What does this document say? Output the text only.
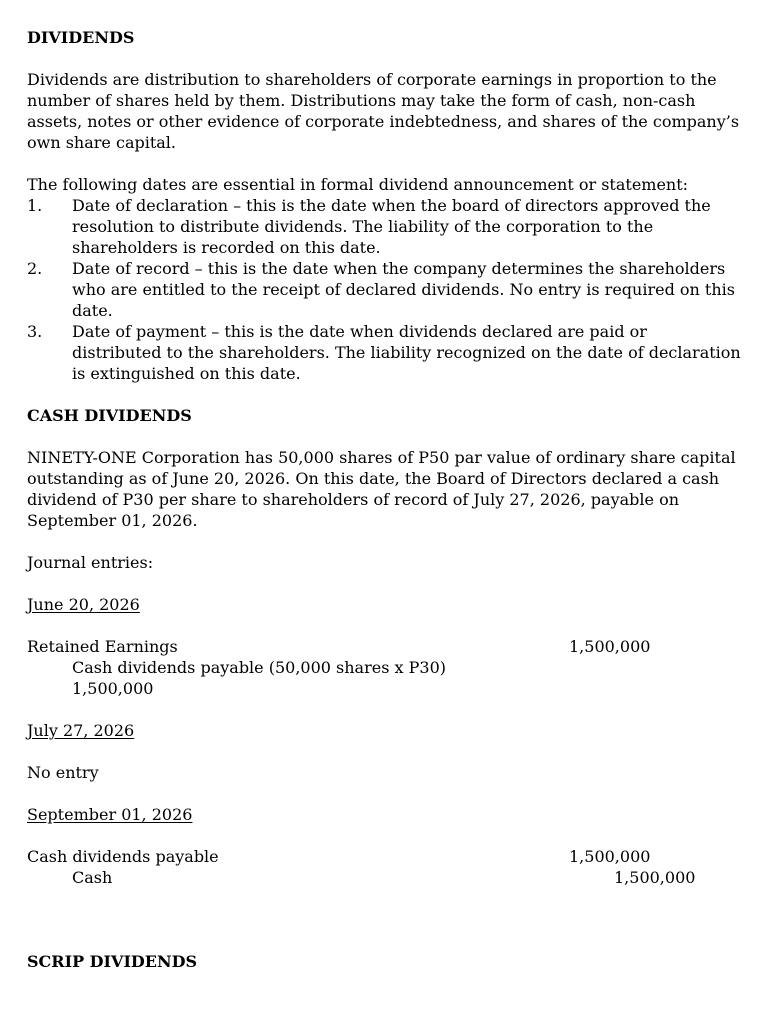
DIVIDENDS

Dividends are distribution to shareholders of corporate earnings in proportion to the number of shares held by them. Distributions may take the form of cash, non-cash assets, notes or other evidence of corporate indebtedness, and shares of the company’s own share capital.

The following dates are essential in formal dividend announcement or statement:

1. Date of declaration – this is the date when the board of directors approved the resolution to distribute dividends. The liability of the corporation to the shareholders is recorded on this date.
2. Date of record – this is the date when the company determines the shareholders who are entitled to the receipt of declared dividends. No entry is required on this date.
3. Date of payment – this is the date when dividends declared are paid or distributed to the shareholders. The liability recognized on the date of declaration is extinguished on this date.
CASH DIVIDENDS

NINETY-ONE Corporation has 50,000 shares of P50 par value of ordinary share capital outstanding as of June 20, 2026. On this date, the Board of Directors declared a cash dividend of P30 per share to shareholders of record of July 27, 2026, payable on September 01, 2026.

Journal entries:
June 20, 2026
Retained Earnings	1,500,000
Cash dividends payable (50,000 shares x P30)
1,500,000
July 27, 2026
No entry
September 01, 2026
Cash dividends payable	1,500,000
Cash	1,500,000
SCRIP DIVIDENDS
